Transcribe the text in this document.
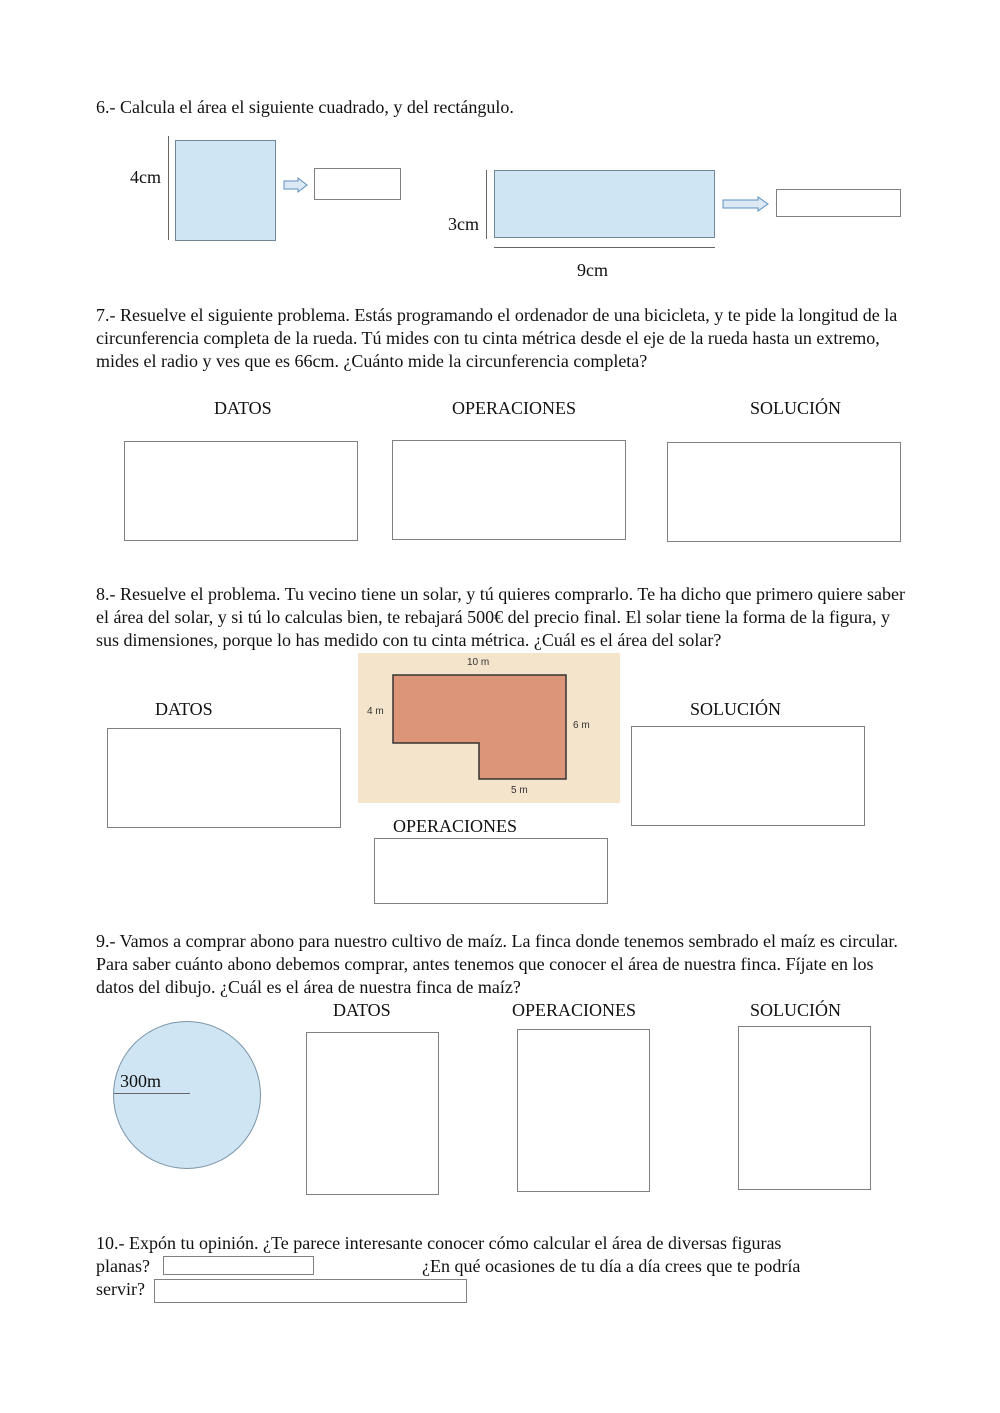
6.- Calcula el área el siguiente cuadrado, y del rectángulo.
4cm
3cm
9cm
7.- Resuelve el siguiente problema. Estás programando el ordenador de una bicicleta, y te pide la longitud de la circunferencia completa de la rueda. Tú mides con tu cinta métrica desde el eje de la rueda hasta un extremo, mides el radio y ves que es 66cm. ¿Cuánto mide la circunferencia completa?
DATOS	OPERACIONES	SOLUCIÓN
8.- Resuelve el problema. Tu vecino tiene un solar, y tú quieres comprarlo. Te ha dicho que primero quiere saber el área del solar, y si tú lo calculas bien, te rebajará 500€ del precio final. El solar tiene la forma de la figura, y sus dimensiones, porque lo has medido con tu cinta métrica. ¿Cuál es el área del solar?
10 m
4 m
6 m
5 m
DATOS	SOLUCIÓN
OPERACIONES
9.- Vamos a comprar abono para nuestro cultivo de maíz. La finca donde tenemos sembrado el maíz es circular. Para saber cuánto abono debemos comprar, antes tenemos que conocer el área de nuestra finca. Fíjate en los datos del dibujo. ¿Cuál es el área de nuestra finca de maíz?
DATOS	OPERACIONES	SOLUCIÓN
300m
10.- Expón tu opinión. ¿Te parece interesante conocer cómo calcular el área de diversas figuras
planas?	¿En qué ocasiones de tu día a día crees que te podría
servir?
